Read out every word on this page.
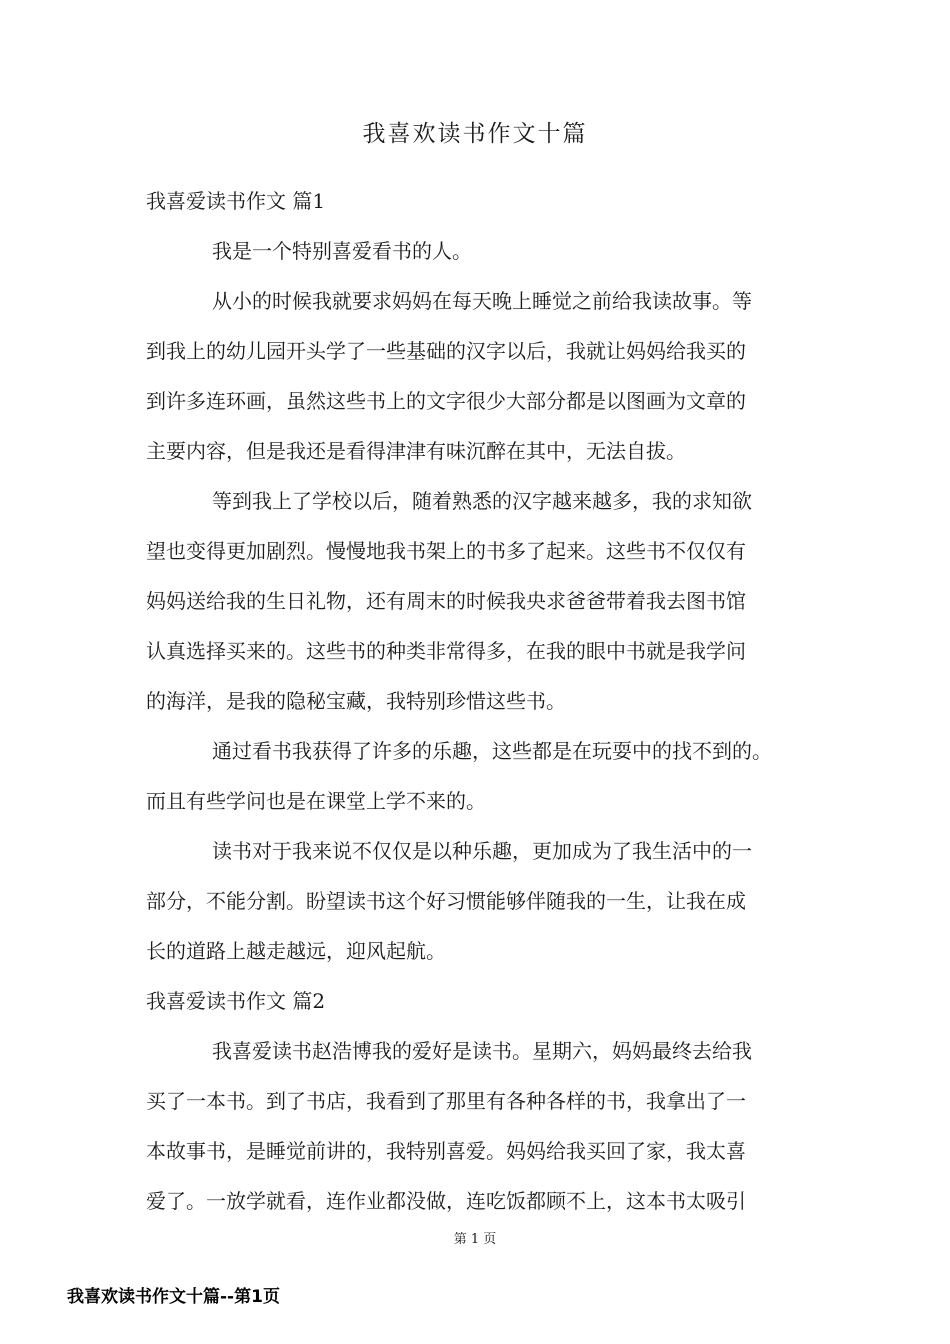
我喜欢读书作文十篇
我喜爱读书作文 篇1
我是一个特别喜爱看书的人。
从小的时候我就要求妈妈在每天晚上睡觉之前给我读故事。等
到我上的幼儿园开头学了一些基础的汉字以后，我就让妈妈给我买的
到许多连环画，虽然这些书上的文字很少大部分都是以图画为文章的
主要内容，但是我还是看得津津有味沉醉在其中，无法自拔。
等到我上了学校以后，随着熟悉的汉字越来越多，我的求知欲
望也变得更加剧烈。慢慢地我书架上的书多了起来。这些书不仅仅有
妈妈送给我的生日礼物，还有周末的时候我央求爸爸带着我去图书馆
认真选择买来的。这些书的种类非常得多，在我的眼中书就是我学问
的海洋，是我的隐秘宝藏，我特别珍惜这些书。
通过看书我获得了许多的乐趣，这些都是在玩耍中的找不到的。
而且有些学问也是在课堂上学不来的。
读书对于我来说不仅仅是以种乐趣，更加成为了我生活中的一
部分，不能分割。盼望读书这个好习惯能够伴随我的一生，让我在成
长的道路上越走越远，迎风起航。
我喜爱读书作文 篇2
我喜爱读书赵浩博我的爱好是读书。星期六，妈妈最终去给我
买了一本书。到了书店，我看到了那里有各种各样的书，我拿出了一
本故事书，是睡觉前讲的，我特别喜爱。妈妈给我买回了家，我太喜
爱了。一放学就看，连作业都没做，连吃饭都顾不上，这本书太吸引
第 1 页
我喜欢读书作文十篇--第1页
